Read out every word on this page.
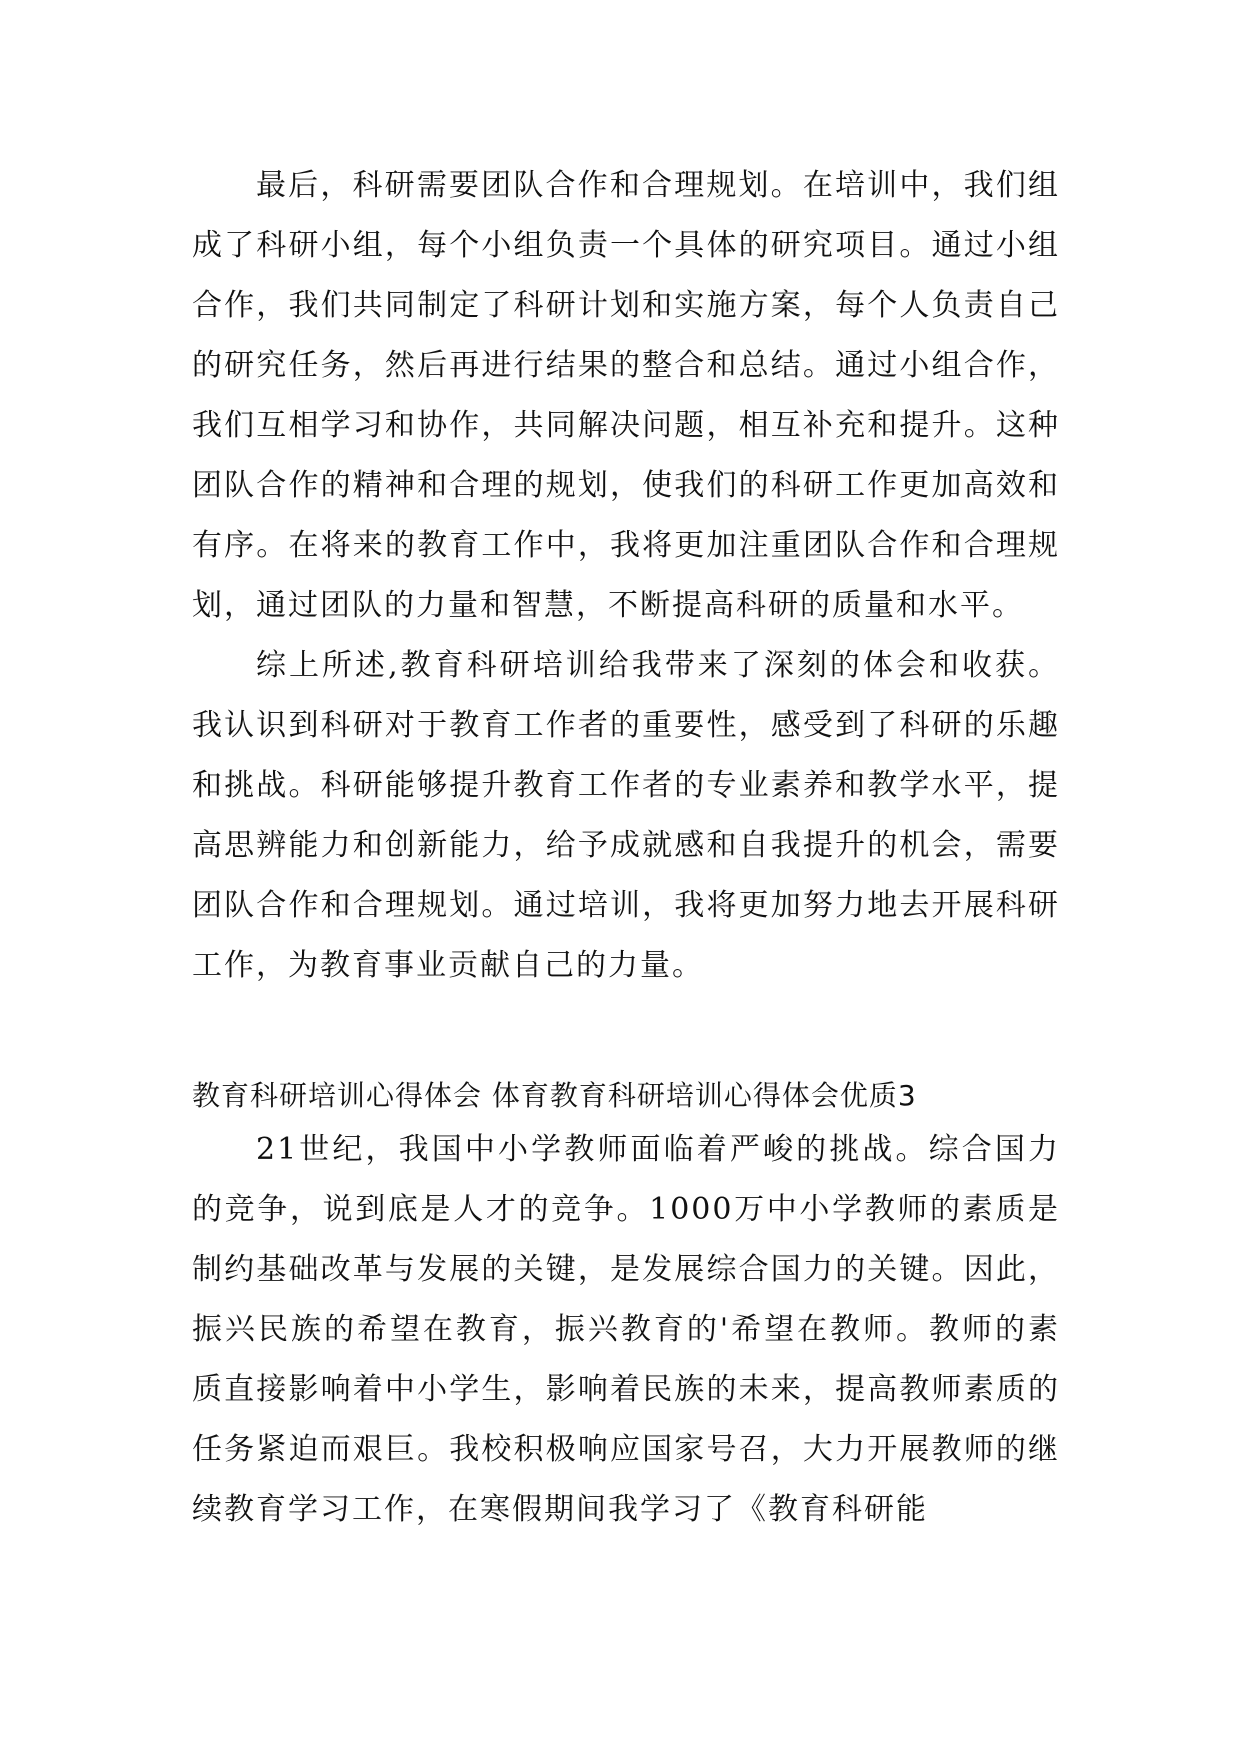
最后，科研需要团队合作和合理规划。在培训中，我们组成了科研小组，每个小组负责一个具体的研究项目。通过小组合作，我们共同制定了科研计划和实施方案，每个人负责自己的研究任务，然后再进行结果的整合和总结。通过小组合作，我们互相学习和协作，共同解决问题，相互补充和提升。这种团队合作的精神和合理的规划，使我们的科研工作更加高效和有序。在将来的教育工作中，我将更加注重团队合作和合理规划，通过团队的力量和智慧，不断提高科研的质量和水平。

综上所述,教育科研培训给我带来了深刻的体会和收获。我认识到科研对于教育工作者的重要性，感受到了科研的乐趣和挑战。科研能够提升教育工作者的专业素养和教学水平，提高思辨能力和创新能力，给予成就感和自我提升的机会，需要团队合作和合理规划。通过培训，我将更加努力地去开展科研工作，为教育事业贡献自己的力量。

教育科研培训心得体会 体育教育科研培训心得体会优质3

21世纪，我国中小学教师面临着严峻的挑战。综合国力的竞争，说到底是人才的竞争。1000万中小学教师的素质是制约基础改革与发展的关键，是发展综合国力的关键。因此，振兴民族的希望在教育，振兴教育的'希望在教师。教师的素质直接影响着中小学生，影响着民族的未来，提高教师素质的任务紧迫而艰巨。我校积极响应国家号召，大力开展教师的继续教育学习工作，在寒假期间我学习了《教育科研能
